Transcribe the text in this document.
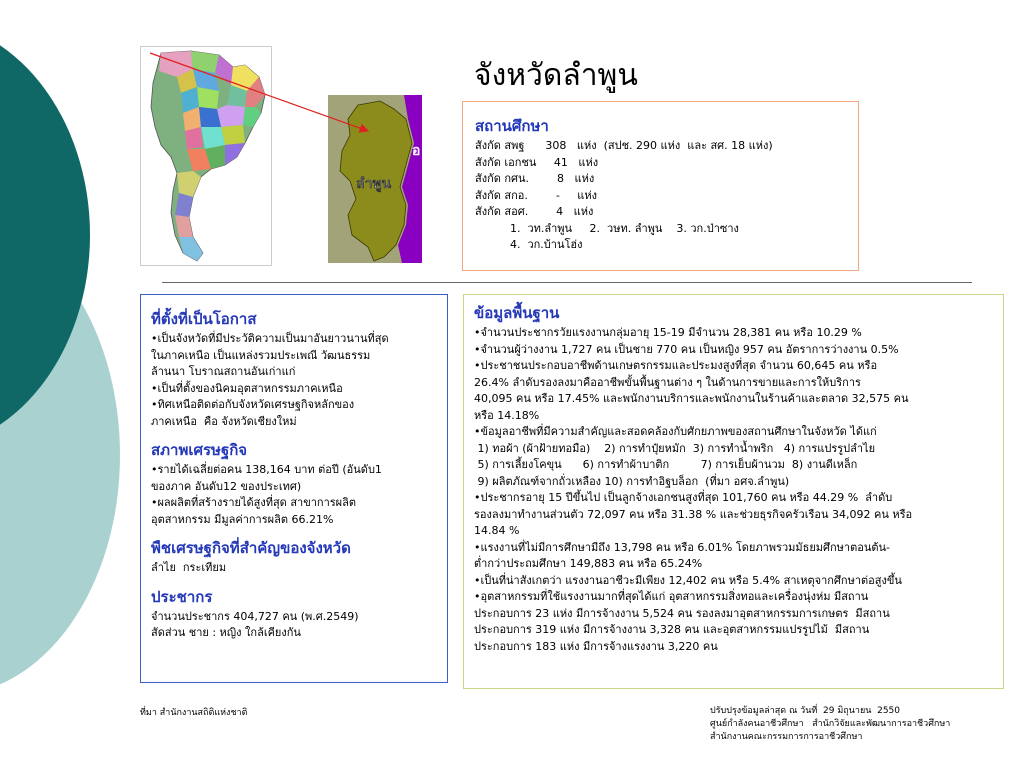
ลำพูน
อ
จังหวัดลำพูน
สถานศึกษา
สังกัด สพฐ      308   แห่ง  (สปช. 290 แห่ง  และ สศ. 18 แห่ง)
สังกัด เอกชน     41   แห่ง
สังกัด กศน.        8   แห่ง
สังกัด สกอ.        -     แห่ง
สังกัด สอศ.        4   แห่ง
1.  วท.ลำพูน     2.  วษท. ลำพูน    3. วก.ป่าซาง
4.  วก.บ้านโฮ่ง
ที่ตั้งที่เป็นโอกาส
•เป็นจังหวัดที่มีประวัติความเป็นมาอันยาวนานที่สุด
ในภาคเหนือ เป็นแหล่งรวมประเพณี วัฒนธรรม
ล้านนา โบราณสถานอันเก่าแก่
•เป็นที่ตั้งของนิคมอุตสาหกรรมภาคเหนือ
•ทิศเหนือติดต่อกับจังหวัดเศรษฐกิจหลักของ
ภาคเหนือ  คือ จังหวัดเชียงใหม่
สภาพเศรษฐกิจ
•รายได้เฉลี่ยต่อคน 138,164 บาท ต่อปี (อันดับ1
ของภาค อันดับ12 ของประเทศ)
•ผลผลิตที่สร้างรายได้สูงที่สุด สาขาการผลิต
อุตสาหกรรม มีมูลค่าการผลิต 66.21%
พืชเศรษฐกิจที่สำคัญของจังหวัด
ลำไย  กระเทียม
ประชากร
จำนวนประชากร 404,727 คน (พ.ศ.2549)
สัดส่วน ชาย : หญิง ใกล้เคียงกัน
ข้อมูลพื้นฐาน
•จำนวนประชากรวัยแรงงานกลุ่มอายุ 15-19 มีจำนวน 28,381 คน หรือ 10.29 %
•จำนวนผู้ว่างงาน 1,727 คน เป็นชาย 770 คน เป็นหญิง 957 คน อัตราการว่างงาน 0.5%
•ประชาชนประกอบอาชีพด้านเกษตรกรรมและประมงสูงที่สุด จำนวน 60,645 คน หรือ
26.4% ลำดับรองลงมาคืออาชีพขั้นพื้นฐานต่าง ๆ ในด้านการขายและการให้บริการ
40,095 คน หรือ 17.45% และพนักงานบริการและพนักงานในร้านค้าและตลาด 32,575 คน
หรือ 14.18%
•ข้อมูลอาชีพที่มีความสำคัญและสอดคล้องกับศักยภาพของสถานศึกษาในจังหวัด ได้แก่
1) ทอผ้า (ผ้าฝ้ายทอมือ)    2) การทำปุ๋ยหมัก  3) การทำน้ำพริก   4) การแปรรูปลำไย
5) การเลี้ยงโคขุน      6) การทำผ้าบาติก         7) การเย็บผ้านวม  8) งานดีเหล็ก
9) ผลิตภัณฑ์จากถั่วเหลือง 10) การทำอิฐบล็อก  (ที่มา อศจ.ลำพูน)
•ประชากรอายุ 15 ปีขึ้นไป เป็นลูกจ้างเอกชนสูงที่สุด 101,760 คน หรือ 44.29 %  ลำดับ
รองลงมาทำงานส่วนตัว 72,097 คน หรือ 31.38 % และช่วยธุรกิจครัวเรือน 34,092 คน หรือ
14.84 %
•แรงงานที่ไม่มีการศึกษามีถึง 13,798 คน หรือ 6.01% โดยภาพรวมมัธยมศึกษาตอนต้น-
ต่ำกว่าประถมศึกษา 149,883 คน หรือ 65.24%
•เป็นที่น่าสังเกตว่า แรงงานอาชีวะมีเพียง 12,402 คน หรือ 5.4% สาเหตุจากศึกษาต่อสูงขึ้น
•อุตสาหกรรมที่ใช้แรงงานมากที่สุดได้แก่ อุตสาหกรรมสิ่งทอและเครื่องนุ่งห่ม มีสถาน
ประกอบการ 23 แห่ง มีการจ้างงาน 5,524 คน รองลงมาอุตสาหกรรมการเกษตร  มีสถาน
ประกอบการ 319 แห่ง มีการจ้างงาน 3,328 คน และอุตสาหกรรมแปรรูปไม้  มีสถาน
ประกอบการ 183 แห่ง มีการจ้างแรงงาน 3,220 คน
ที่มา สำนักงานสถิติแห่งชาติ	ปรับปรุงข้อมูลล่าสุด ณ วันที่  29 มิถุนายน  2550
ศูนย์กำลังคนอาชีวศึกษา   สำนักวิจัยและพัฒนาการอาชีวศึกษา
สำนักงานคณะกรรมการการอาชีวศึกษา
